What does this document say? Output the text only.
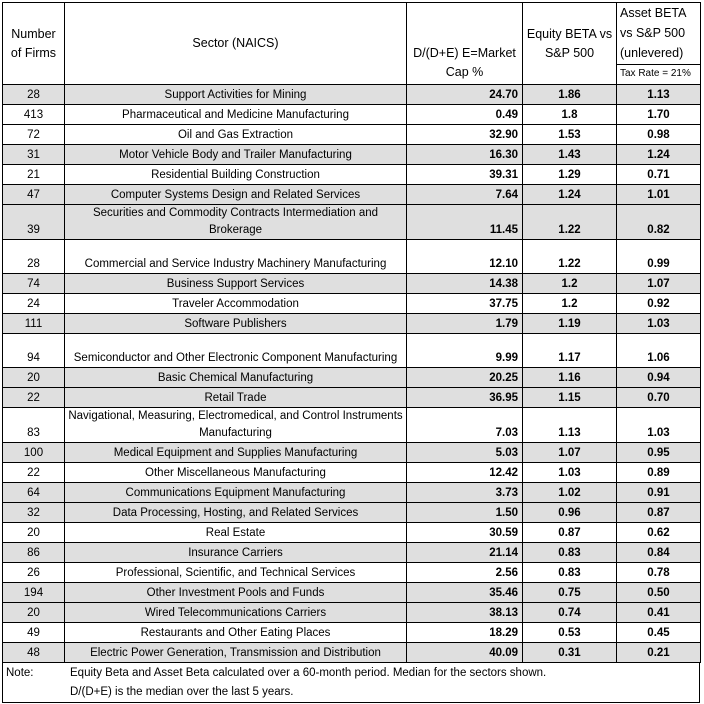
Number of Firms	Sector (NAICS)	D/(D+E) E=Market Cap %	Equity BETA vs S&P 500	Asset BETA vs S&P 500 (unlevered)
Tax Rate = 21%

28	Support Activities for Mining	24.70	1.86	1.13
413	Pharmaceutical and Medicine Manufacturing	0.49	1.8	1.70
72	Oil and Gas Extraction	32.90	1.53	0.98
31	Motor Vehicle Body and Trailer Manufacturing	16.30	1.43	1.24
21	Residential Building Construction	39.31	1.29	0.71
47	Computer Systems Design and Related Services	7.64	1.24	1.01
39	Securities and Commodity Contracts Intermediation and Brokerage	11.45	1.22	0.82
28	Commercial and Service Industry Machinery Manufacturing	12.10	1.22	0.99
74	Business Support Services	14.38	1.2	1.07
24	Traveler Accommodation	37.75	1.2	0.92
111	Software Publishers	1.79	1.19	1.03
94	Semiconductor and Other Electronic Component Manufacturing	9.99	1.17	1.06
20	Basic Chemical Manufacturing	20.25	1.16	0.94
22	Retail Trade	36.95	1.15	0.70
83	Navigational, Measuring, Electromedical, and Control Instruments Manufacturing	7.03	1.13	1.03
100	Medical Equipment and Supplies Manufacturing	5.03	1.07	0.95
22	Other Miscellaneous Manufacturing	12.42	1.03	0.89
64	Communications Equipment Manufacturing	3.73	1.02	0.91
32	Data Processing, Hosting, and Related Services	1.50	0.96	0.87
20	Real Estate	30.59	0.87	0.62
86	Insurance Carriers	21.14	0.83	0.84
26	Professional, Scientific, and Technical Services	2.56	0.83	0.78
194	Other Investment Pools and Funds	35.46	0.75	0.50
20	Wired Telecommunications Carriers	38.13	0.74	0.41
49	Restaurants and Other Eating Places	18.29	0.53	0.45
48	Electric Power Generation, Transmission and Distribution	40.09	0.31	0.21
Note:	Equity Beta and Asset Beta calculated over a 60-month period. Median for the sectors shown.
D/(D+E) is the median over the last 5 years.
